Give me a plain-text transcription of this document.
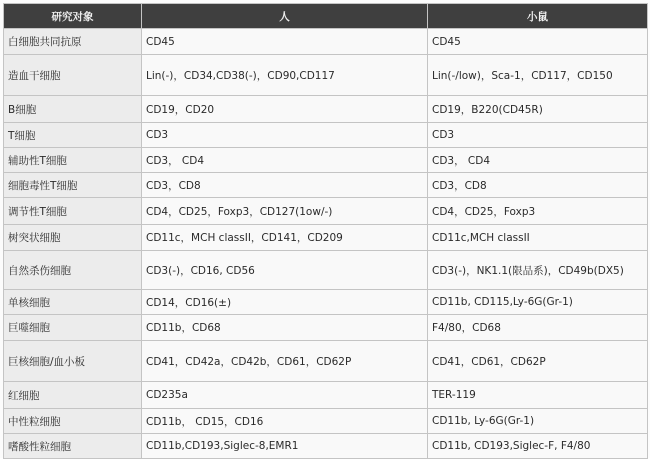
研究对象	人	小鼠
白细胞共同抗原	CD45	CD45
造血干细胞	Lin(-)，CD34,CD38(-)，CD90,CD117	Lin(-/low)，Sca-1，CD117，CD150
B细胞	CD19，CD20	CD19，B220(CD45R)
T细胞	CD3	CD3
辅助性T细胞	CD3， CD4	CD3， CD4
细胞毒性T细胞	CD3，CD8	CD3，CD8
调节性T细胞	CD4，CD25，Foxp3，CD127(1ow/-)	CD4，CD25，Foxp3
树突状细胞	CD11c，MCH classII，CD141，CD209	CD11c,MCH classII
自然杀伤细胞	CD3(-)，CD16, CD56	CD3(-)，NK1.1(限品系)，CD49b(DX5)
单核细胞	CD14，CD16(±)	CD11b, CD115,Ly-6G(Gr-1)
巨噬细胞	CD11b，CD68	F4/80，CD68
巨核细胞/血小板	CD41，CD42a，CD42b，CD61，CD62P	CD41，CD61，CD62P
红细胞	CD235a	TER-119
中性粒细胞	CD11b， CD15，CD16	CD11b, Ly-6G(Gr-1)
嗜酸性粒细胞	CD11b,CD193,Siglec-8,EMR1	CD11b, CD193,Siglec-F, F4/80
